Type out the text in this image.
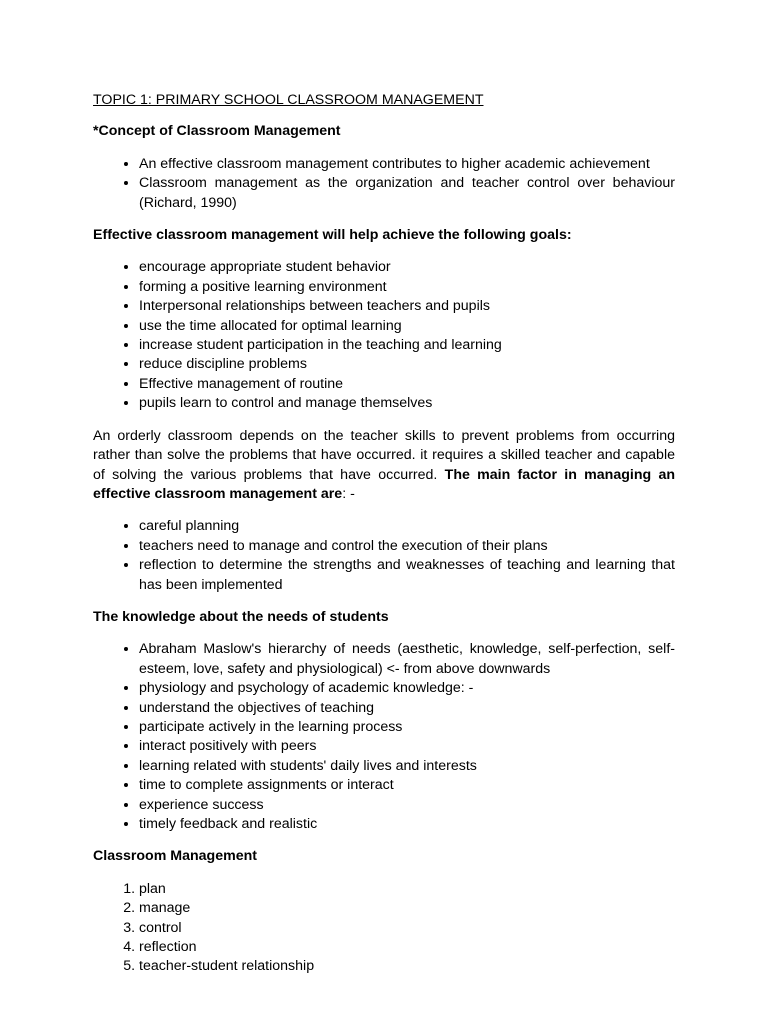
TOPIC 1: PRIMARY SCHOOL CLASSROOM MANAGEMENT

*Concept of Classroom Management

• An effective classroom management contributes to higher academic achievement
• Classroom management as the organization and teacher control over behaviour (Richard, 1990)

Effective classroom management will help achieve the following goals:

• encourage appropriate student behavior
• forming a positive learning environment
• Interpersonal relationships between teachers and pupils
• use the time allocated for optimal learning
• increase student participation in the teaching and learning
• reduce discipline problems
• Effective management of routine
• pupils learn to control and manage themselves

An orderly classroom depends on the teacher skills to prevent problems from occurring rather than solve the problems that have occurred. it requires a skilled teacher and capable of solving the various problems that have occurred. The main factor in managing an effective classroom management are: -

• careful planning
• teachers need to manage and control the execution of their plans
• reflection to determine the strengths and weaknesses of teaching and learning that has been implemented

The knowledge about the needs of students

• Abraham Maslow's hierarchy of needs (aesthetic, knowledge, self-perfection, self-esteem, love, safety and physiological) <- from above downwards
• physiology and psychology of academic knowledge: -
• understand the objectives of teaching
• participate actively in the learning process
• interact positively with peers
• learning related with students' daily lives and interests
• time to complete assignments or interact
• experience success
• timely feedback and realistic

Classroom Management

1. plan
2. manage
3. control
4. reflection
5. teacher-student relationship
